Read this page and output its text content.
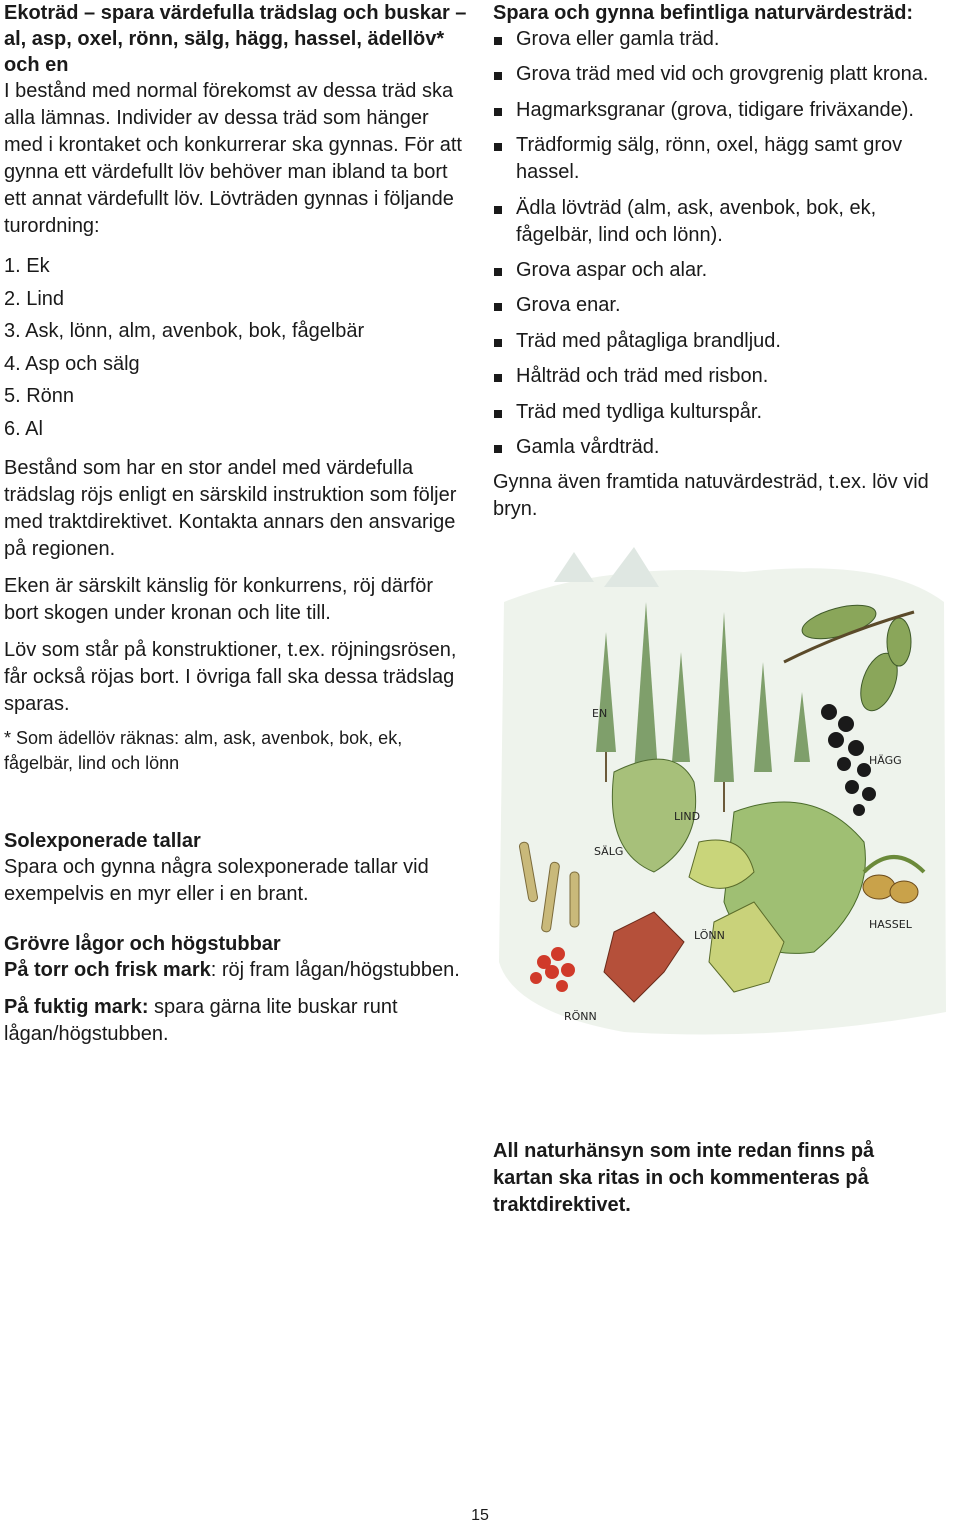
Ekoträd – spara värdefulla trädslag och buskar – al, asp, oxel, rönn, sälg, hägg, hassel, ädellöv* och en

I bestånd med normal förekomst av dessa träd ska alla lämnas. Individer av dessa träd som hänger med i krontaket och konkurrerar ska gynnas. För att gynna ett värdefullt löv behöver man ibland ta bort ett annat värdefullt löv. Lövträden gynnas i följande turordning:

1. Ek
2. Lind
3. Ask, lönn, alm, avenbok, bok, fågelbär
4. Asp och sälg
5. Rönn
6. Al

Bestånd som har en stor andel med värdefulla trädslag röjs enligt en särskild instruktion som följer med traktdirektivet. Kontakta annars den ansvarige på regionen.

Eken är särskilt känslig för konkurrens, röj därför bort skogen under kronan och lite till.

Löv som står på konstruktioner, t.ex. röjningsrösen, får också röjas bort. I övriga fall ska dessa trädslag sparas.

* Som ädellöv räknas: alm, ask, avenbok, bok, ek, fågelbär, lind och lönn

Solexponerade tallar

Spara och gynna några solexponerade tallar vid exempelvis en myr eller i en brant.

Grövre lågor och högstubbar

På torr och frisk mark: röj fram lågan/högstubben.

På fuktig mark: spara gärna lite buskar runt lågan/högstubben.

Spara och gynna befintliga naturvärdesträd:
Grova eller gamla träd.
Grova träd med vid och grovgrenig platt krona.
Hagmarksgranar (grova, tidigare friväxande).
Trädformig sälg, rönn, oxel, hägg samt grov hassel.
Ädla lövträd (alm, ask, avenbok, bok, ek, fågelbär, lind och lönn).
Grova aspar och alar.
Grova enar.
Träd med påtagliga brandljud.
Hålträd och träd med risbon.
Träd med tydliga kulturspår.
Gamla vårdträd.

Gynna även framtida natuvärdesträd, t.ex. löv vid bryn.

EN
HÄGG
LIND
SÄLG
LÖNN
HASSEL
RÖNN
All naturhänsyn som inte redan finns på kartan ska ritas in och kommenteras på traktdirektivet.
15
